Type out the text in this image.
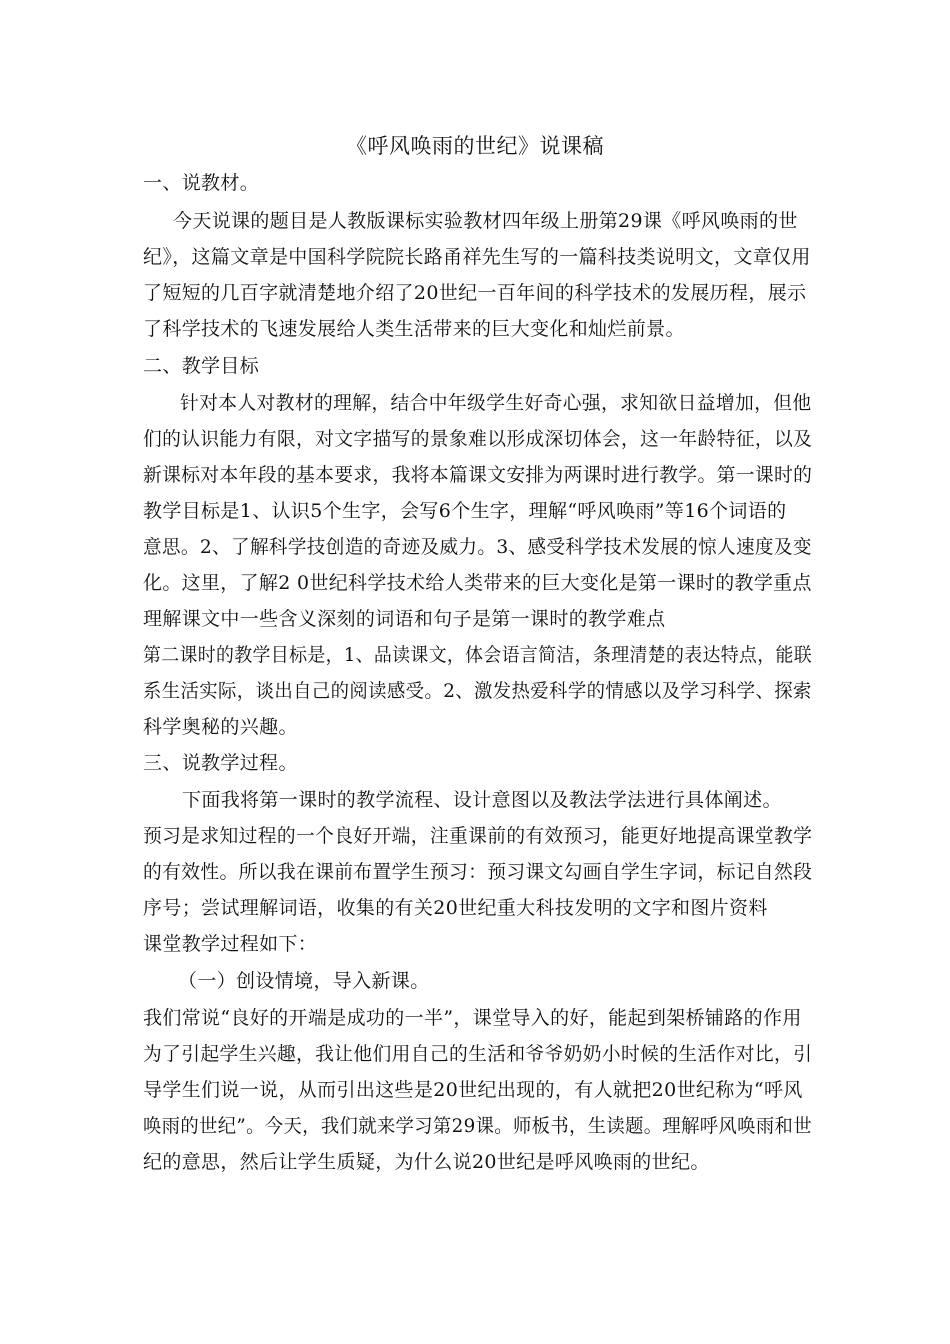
《呼风唤雨的世纪》说课稿
一、说教材。
今天说课的题目是人教版课标实验教材四年级上册第29课《呼风唤雨的世
纪》，这篇文章是中国科学院院长路甬祥先生写的一篇科技类说明文，文章仅用
了短短的几百字就清楚地介绍了20世纪一百年间的科学技术的发展历程，展示
了科学技术的飞速发展给人类生活带来的巨大变化和灿烂前景。
二、教学目标
针对本人对教材的理解，结合中年级学生好奇心强，求知欲日益增加，但他
们的认识能力有限，对文字描写的景象难以形成深切体会，这一年龄特征，以及
新课标对本年段的基本要求，我将本篇课文安排为两课时进行教学。第一课时的
教学目标是1、认识5个生字，会写6个生字，理解“呼风唤雨”等16个词语的
意思。2、了解科学技创造的奇迹及威力。3、感受科学技术发展的惊人速度及变
化。这里，了解2 0世纪科学技术给人类带来的巨大变化是第一课时的教学重点
理解课文中一些含义深刻的词语和句子是第一课时的教学难点
第二课时的教学目标是，1、品读课文，体会语言简洁，条理清楚的表达特点，能联
系生活实际，谈出自己的阅读感受。2、激发热爱科学的情感以及学习科学、探索
科学奥秘的兴趣。
三、说教学过程。
下面我将第一课时的教学流程、设计意图以及教法学法进行具体阐述。
预习是求知过程的一个良好开端，注重课前的有效预习，能更好地提高课堂教学
的有效性。所以我在课前布置学生预习：预习课文勾画自学生字词，标记自然段
序号；尝试理解词语，收集的有关20世纪重大科技发明的文字和图片资料
课堂教学过程如下：
（一）创设情境，导入新课。
我们常说“良好的开端是成功的一半”，课堂导入的好，能起到架桥铺路的作用
为了引起学生兴趣，我让他们用自己的生活和爷爷奶奶小时候的生活作对比，引
导学生们说一说，从而引出这些是20世纪出现的，有人就把20世纪称为“呼风
唤雨的世纪”。今天，我们就来学习第29课。师板书，生读题。理解呼风唤雨和世
纪的意思，然后让学生质疑，为什么说20世纪是呼风唤雨的世纪。
